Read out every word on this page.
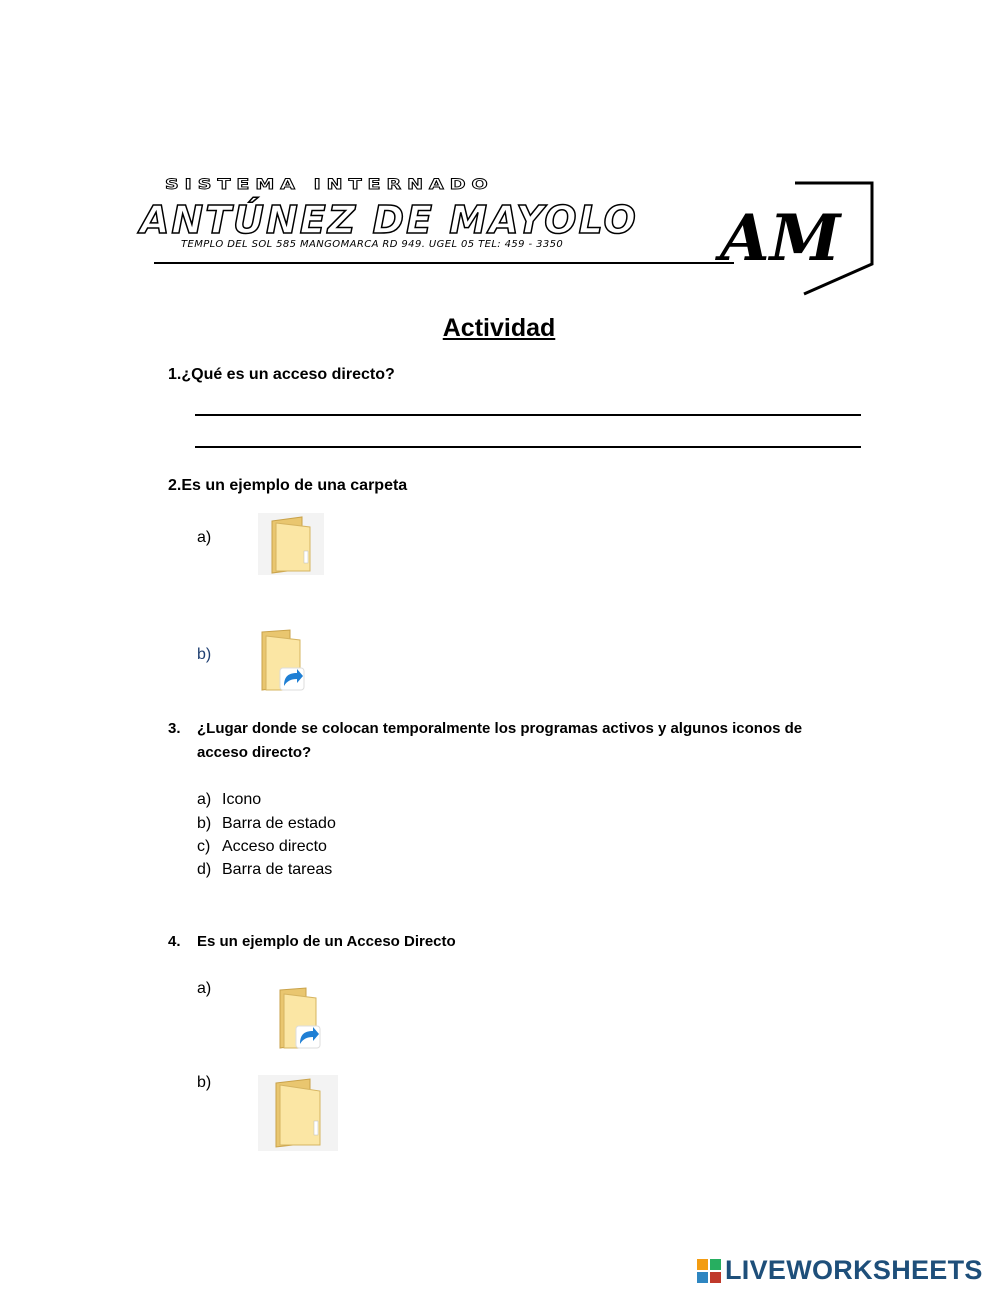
SISTEMA INTERNADO
ANTÚNEZ DE MAYOLO
TEMPLO DEL SOL 585 MANGOMARCA RD 949. UGEL 05 TEL: 459 - 3350 AM
Actividad
1.¿Qué es un acceso directo?
2.Es un ejemplo de una carpeta
a)
b)
3. ¿Lugar donde se colocan temporalmente los programas activos y algunos iconos de
acceso directo?
a) Icono
b) Barra de estado
c) Acceso directo
d) Barra de tareas
4. Es un ejemplo de un Acceso Directo
a)
b)
LIVEWORKSHEETS
